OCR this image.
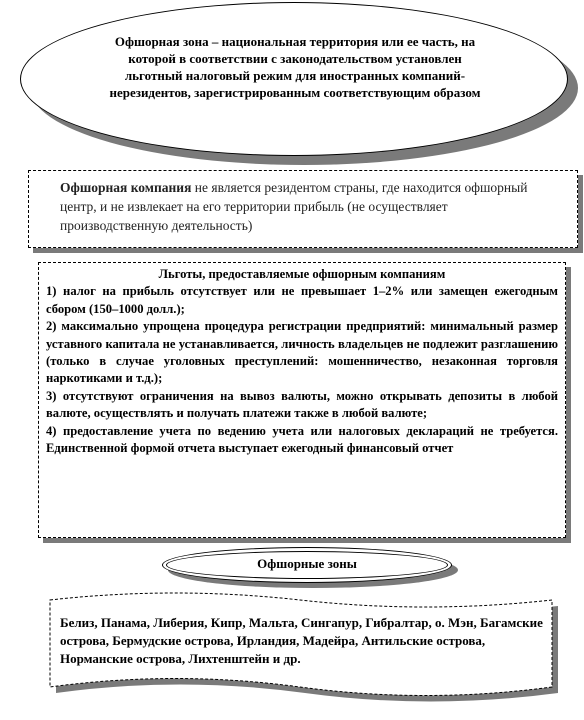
Офшорная зона – национальная территория или ее часть, на которой в соответствии с законодательством установлен льготный налоговый режим для иностранных компаний-нерезидентов, зарегистрированным соответствующим образом
Офшорная компания не является резидентом страны, где находится офшорный центр, и не извлекает на его территории прибыль (не осуществляет производственную деятельность)
Льготы, предоставляемые офшорным компаниям

1) налог на прибыль отсутствует или не превышает 1–2% или замещен ежегодным сбором (150–1000 долл.);

2) максимально упрощена процедура регистрации предприятий: минимальный размер уставного капитала не устанавливается, личность владельцев не подлежит разглашению (только в случае уголовных преступлений: мошенничество, незаконная торговля наркотиками и т.д.);

3) отсутствуют ограничения на вывоз валюты, можно открывать депозиты в любой валюте, осуществлять и получать платежи также в любой валюте;

4) предоставление учета по ведению учета или налоговых деклараций не требуется. Единственной формой отчета выступает ежегодный финансовый отчет

Офшорные зоны
Белиз, Панама, Либерия, Кипр, Мальта, Сингапур, Гибралтар, о. Мэн, Багамские острова, Бермудские острова, Ирландия, Мадейра, Антильские острова, Норманские острова, Лихтенштейн и др.
